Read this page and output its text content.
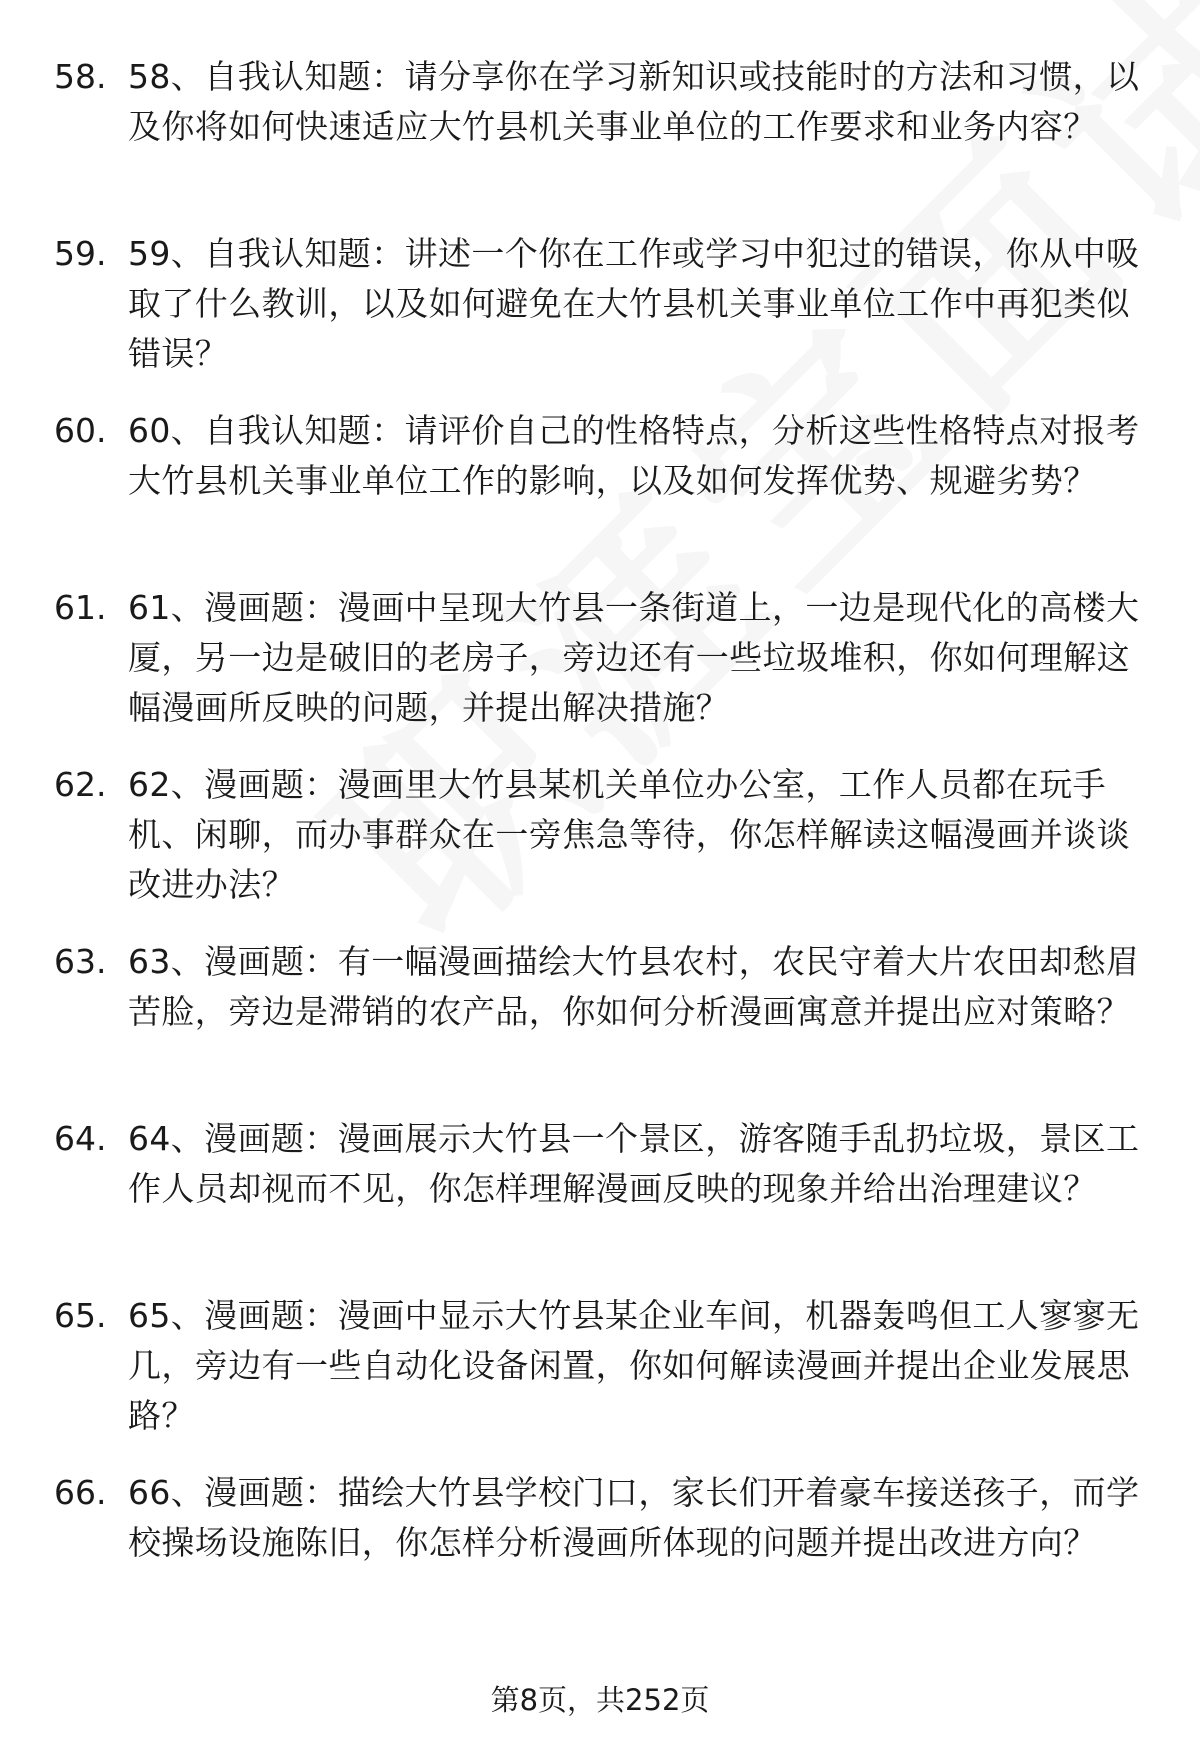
58. 58、自我认知题：请分享你在学习新知识或技能时的方法和习惯，以及你将如何快速适应大竹县机关事业单位的工作要求和业务内容？
59. 59、自我认知题：讲述一个你在工作或学习中犯过的错误，你从中吸取了什么教训，以及如何避免在大竹县机关事业单位工作中再犯类似错误？
60. 60、自我认知题：请评价自己的性格特点，分析这些性格特点对报考大竹县机关事业单位工作的影响，以及如何发挥优势、规避劣势？
61. 61、漫画题：漫画中呈现大竹县一条街道上，一边是现代化的高楼大厦，另一边是破旧的老房子，旁边还有一些垃圾堆积，你如何理解这幅漫画所反映的问题，并提出解决措施？
62. 62、漫画题：漫画里大竹县某机关单位办公室，工作人员都在玩手机、闲聊，而办事群众在一旁焦急等待，你怎样解读这幅漫画并谈谈改进办法？
63. 63、漫画题：有一幅漫画描绘大竹县农村，农民守着大片农田却愁眉苦脸，旁边是滞销的农产品，你如何分析漫画寓意并提出应对策略？
64. 64、漫画题：漫画展示大竹县一个景区，游客随手乱扔垃圾，景区工作人员却视而不见，你怎样理解漫画反映的现象并给出治理建议？
65. 65、漫画题：漫画中显示大竹县某企业车间，机器轰鸣但工人寥寥无几，旁边有一些自动化设备闲置，你如何解读漫画并提出企业发展思路？
66. 66、漫画题：描绘大竹县学校门口，家长们开着豪车接送孩子，而学校操场设施陈旧，你怎样分析漫画所体现的问题并提出改进方向？
第8页，共252页
